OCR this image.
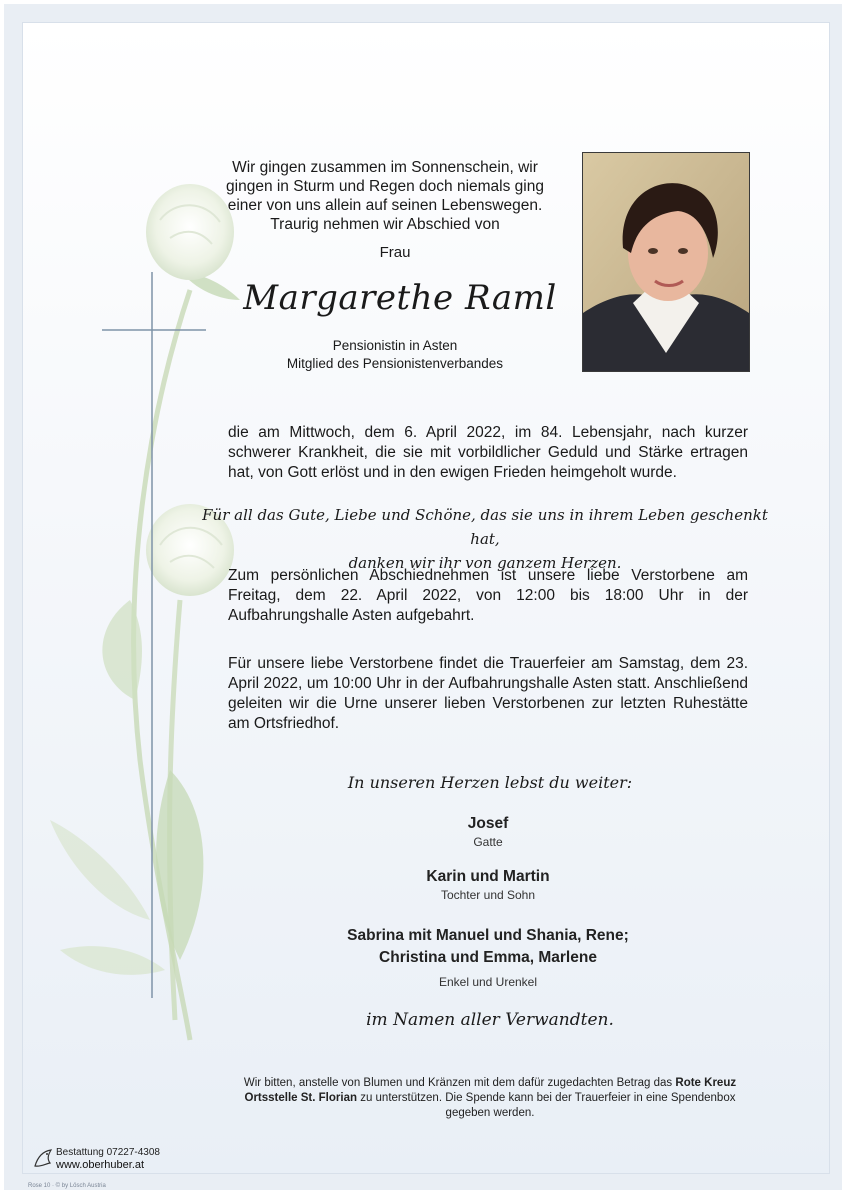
Wir gingen zusammen im Sonnenschein, wir
gingen in Sturm und Regen doch niemals ging
einer von uns allein auf seinen Lebenswegen.
Traurig nehmen wir Abschied von
Frau
Margarethe Raml
Pensionistin in Asten
Mitglied des Pensionistenverbandes
die am Mittwoch, dem 6. April 2022, im 84. Lebensjahr, nach kurzer schwerer Krankheit, die sie mit vorbildlicher Geduld und Stärke ertragen hat, von Gott erlöst und in den ewigen Frieden heimgeholt wurde.
Für all das Gute, Liebe und Schöne, das sie uns in ihrem Leben geschenkt hat,
danken wir ihr von ganzem Herzen.
Zum persönlichen Abschiednehmen ist unsere liebe Verstorbene am Freitag, dem 22. April 2022, von 12:00 bis 18:00 Uhr in der Aufbahrungshalle Asten aufgebahrt.
Für unsere liebe Verstorbene findet die Trauerfeier am Samstag, dem 23. April 2022, um 10:00 Uhr in der Aufbahrungshalle Asten statt. Anschließend geleiten wir die Urne unserer lieben Verstorbenen zur letzten Ruhestätte am Ortsfriedhof.
In unseren Herzen lebst du weiter:
Josef
Gatte
Karin und Martin
Tochter und Sohn
Sabrina mit Manuel und Shania, Rene;
Christina und Emma, Marlene
Enkel und Urenkel
im Namen aller Verwandten.
Wir bitten, anstelle von Blumen und Kränzen mit dem dafür zugedachten Betrag das Rote Kreuz Ortsstelle St. Florian zu unterstützen. Die Spende kann bei der Trauerfeier in eine Spendenbox gegeben werden.
Bestattung 07227-4308
www.oberhuber.at
Rose 10 · © by Lösch Austria
